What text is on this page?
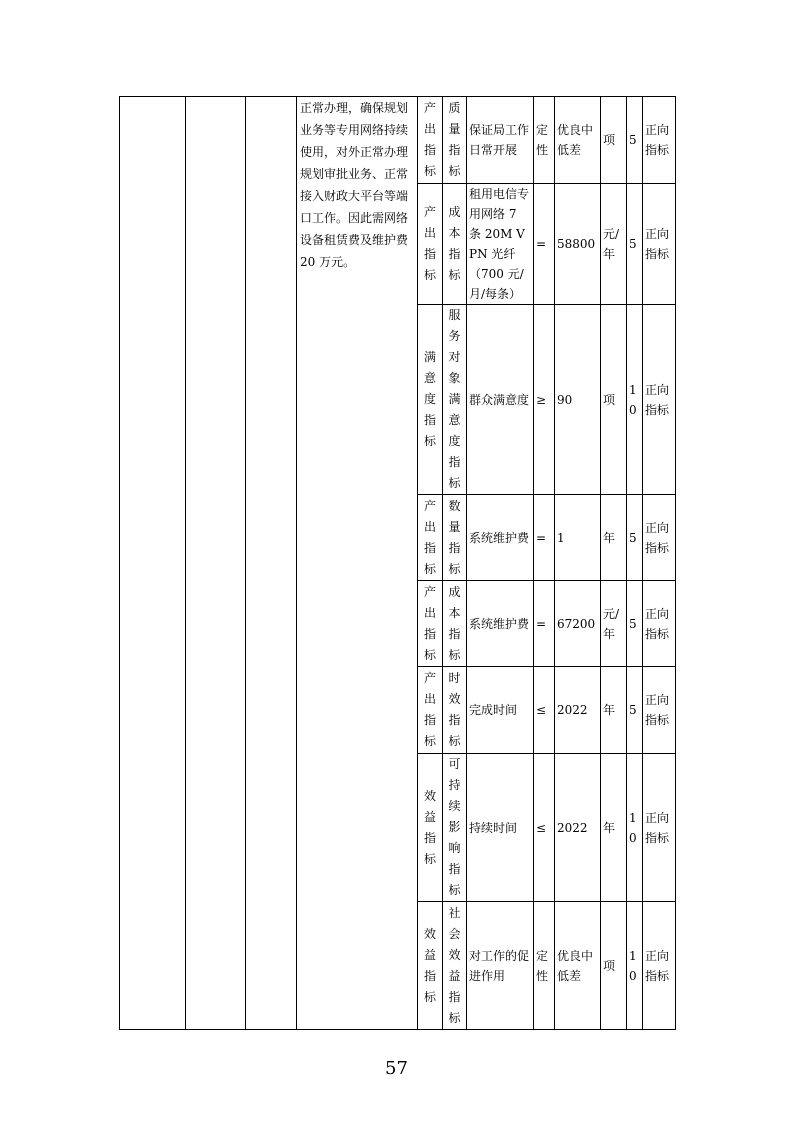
			正常办理，确保规划业务等专用网络持续使用，对外正常办理规划审批业务、正常接入财政大平台等端口工作。因此需网络设备租赁费及维护费 20 万元。	产出指标	质量指标	保证局工作日常开展	定性	优良中低差	项	5	正向指标

				产出指标	成本指标	租用电信专用网络 7 条 20M VPN 光纤（700 元/月/每条）	=	58800	元/年	5	正向指标

				满意度指标	服务对象满意度指标	群众满意度	≥	90	项	10	正向指标

				产出指标	数量指标	系统维护费	=	1	年	5	正向指标

				产出指标	成本指标	系统维护费	=	67200	元/年	5	正向指标

				产出指标	时效指标	完成时间	≤	2022	年	5	正向指标

				效益指标	可持续影响指标	持续时间	≤	2022	年	10	正向指标

				效益指标	社会效益指标	对工作的促进作用	定性	优良中低差	项	10	正向指标
57
